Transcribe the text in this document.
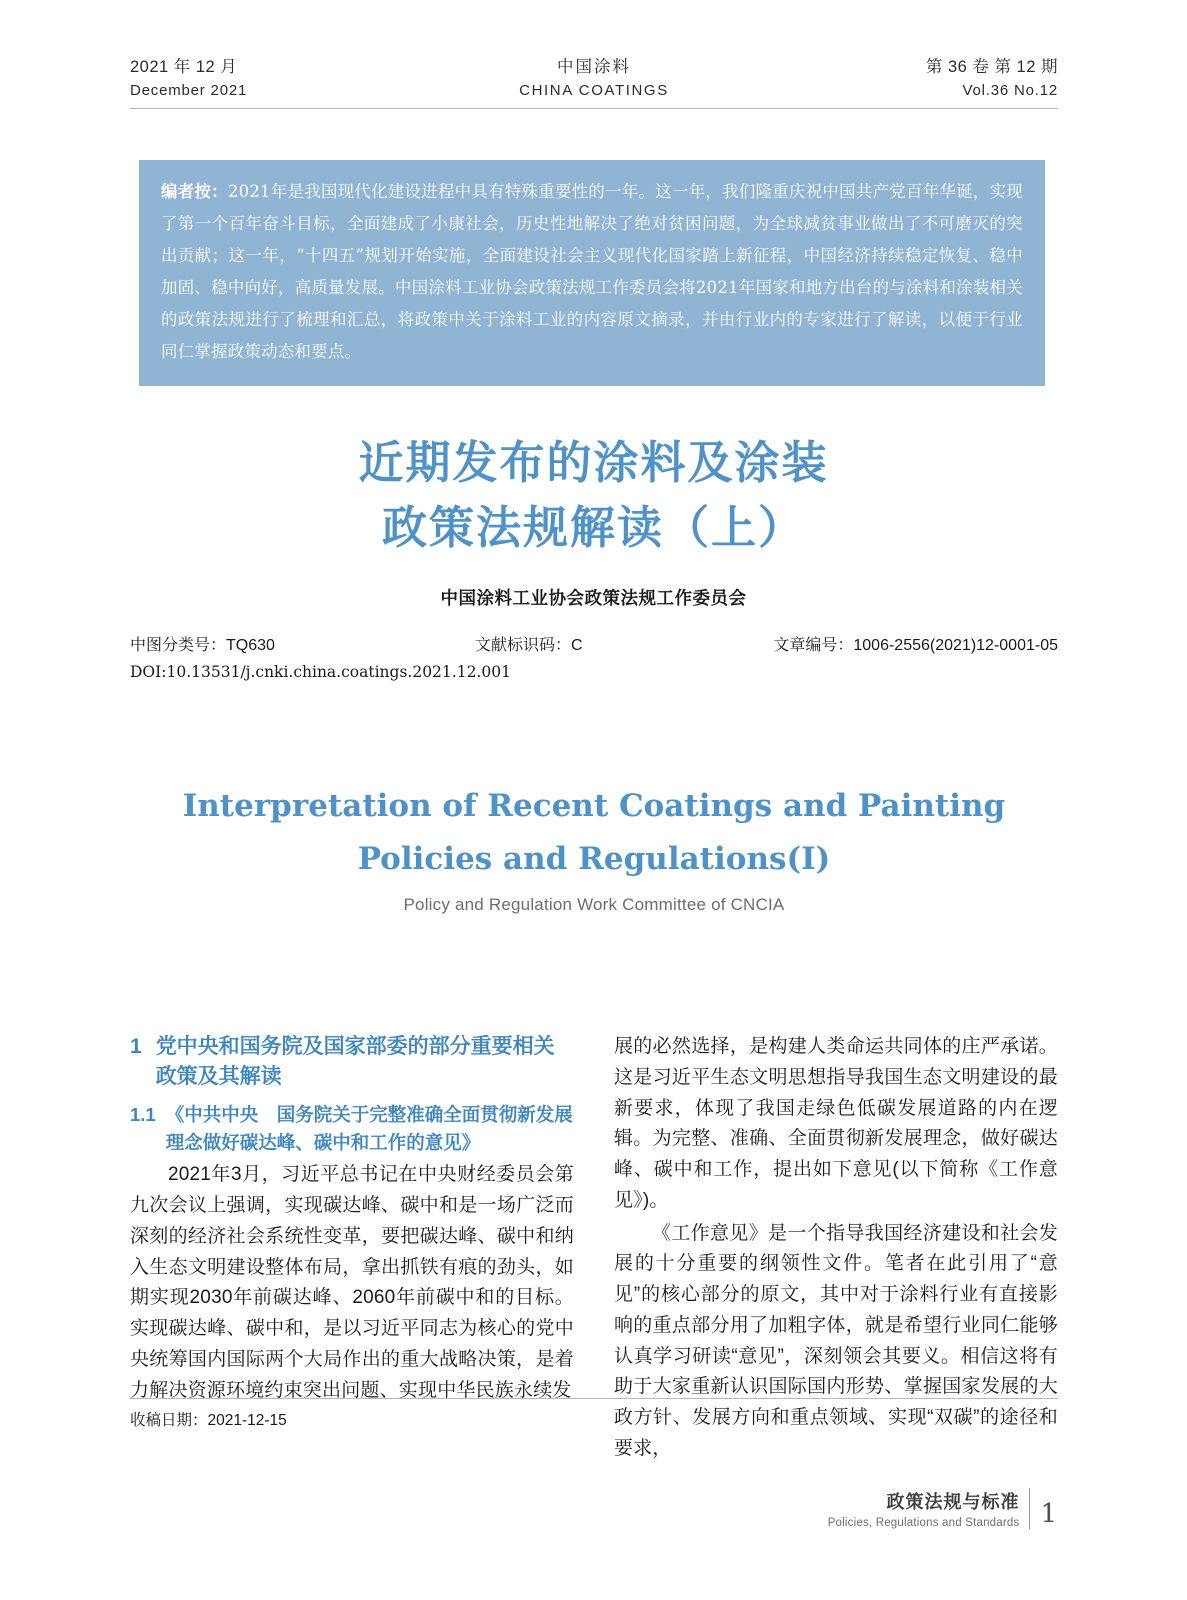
2021 年 12 月
December 2021
中国涂料
CHINA COATINGS
第 36 卷 第 12 期
Vol.36 No.12

编者按：2021年是我国现代化建设进程中具有特殊重要性的一年。这一年，我们隆重庆祝中国共产党百年华诞，实现了第一个百年奋斗目标，全面建成了小康社会，历史性地解决了绝对贫困问题，为全球减贫事业做出了不可磨灭的突出贡献；这一年，“十四五”规划开始实施，全面建设社会主义现代化国家踏上新征程，中国经济持续稳定恢复、稳中加固、稳中向好，高质量发展。中国涂料工业协会政策法规工作委员会将2021年国家和地方出台的与涂料和涂装相关的政策法规进行了梳理和汇总，将政策中关于涂料工业的内容原文摘录，并由行业内的专家进行了解读，以便于行业同仁掌握政策动态和要点。

近期发布的涂料及涂装
政策法规解读（上）
中国涂料工业协会政策法规工作委员会
中图分类号：TQ630	文献标识码：C	文章编号：1006-2556(2021)12-0001-05
DOI:10.13531/j.cnki.china.coatings.2021.12.001
Interpretation of Recent Coatings and Painting
Policies and Regulations(Ⅰ)
Policy and Regulation Work Committee of CNCIA
1 党中央和国务院及国家部委的部分重要相关政策及其解读
1.1 《中共中央　国务院关于完整准确全面贯彻新发展理念做好碳达峰、碳中和工作的意见》

2021年3月，习近平总书记在中央财经委员会第九次会议上强调，实现碳达峰、碳中和是一场广泛而深刻的经济社会系统性变革，要把碳达峰、碳中和纳入生态文明建设整体布局，拿出抓铁有痕的劲头，如期实现2030年前碳达峰、2060年前碳中和的目标。实现碳达峰、碳中和，是以习近平同志为核心的党中央统筹国内国际两个大局作出的重大战略决策，是着力解决资源环境约束突出问题、实现中华民族永续发

展的必然选择，是构建人类命运共同体的庄严承诺。这是习近平生态文明思想指导我国生态文明建设的最新要求，体现了我国走绿色低碳发展道路的内在逻辑。为完整、准确、全面贯彻新发展理念，做好碳达峰、碳中和工作，提出如下意见(以下简称《工作意见》)。

《工作意见》是一个指导我国经济建设和社会发展的十分重要的纲领性文件。笔者在此引用了“意见”的核心部分的原文，其中对于涂料行业有直接影响的重点部分用了加粗字体，就是希望行业同仁能够认真学习研读“意见”，深刻领会其要义。相信这将有助于大家重新认识国际国内形势、掌握国家发展的大政方针、发展方向和重点领域、实现“双碳”的途径和要求，

收稿日期：2021-12-15
政策法规与标准
Policies, Regulations and Standards 1
